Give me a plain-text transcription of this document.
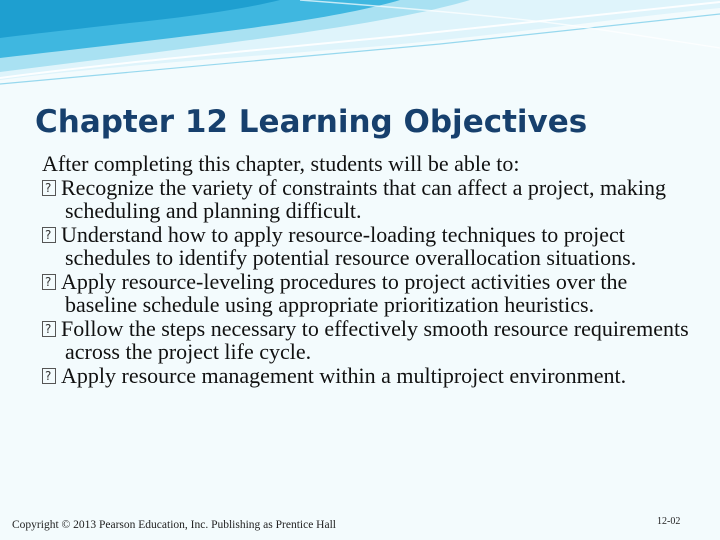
Chapter 12 Learning Objectives

After completing this chapter, students will be able to:

?Recognize the variety of constraints that can affect a project, making scheduling and planning difficult.
?Understand how to apply resource-loading techniques to project schedules to identify potential resource overallocation situations.
?Apply resource-leveling procedures to project activities over the baseline schedule using appropriate prioritization heuristics.
?Follow the steps necessary to effectively smooth resource requirements across the project life cycle.
?Apply resource management within a multiproject environment.
Copyright © 2013 Pearson Education, Inc. Publishing as Prentice Hall	12-02
